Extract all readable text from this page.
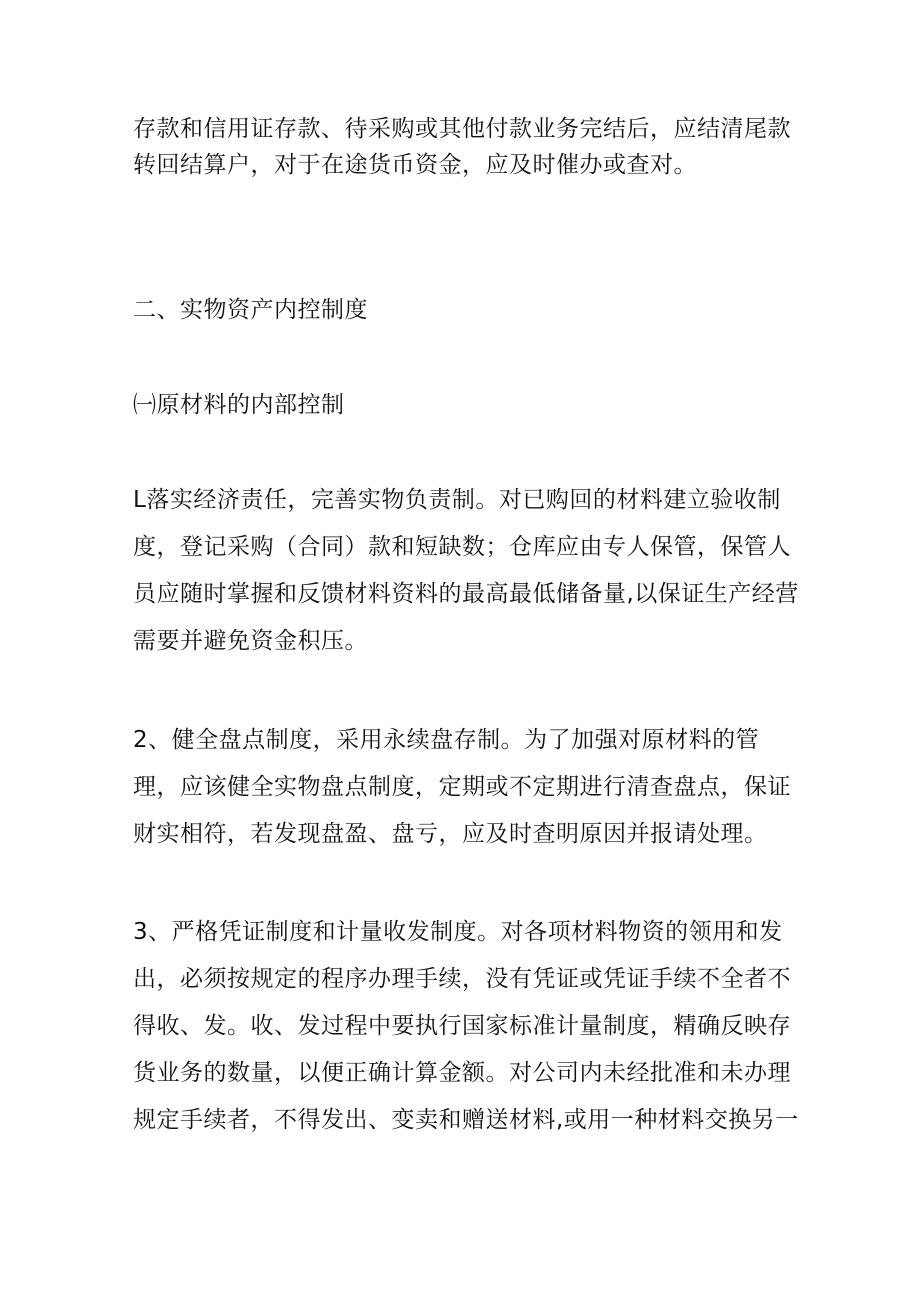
存款和信用证存款、待采购或其他付款业务完结后，应结清尾款
转回结算户，对于在途货币资金，应及时催办或查对。
二、实物资产内控制度
㈠原材料的内部控制
L落实经济责任，完善实物负责制。对已购回的材料建立验收制
度，登记采购（合同）款和短缺数；仓库应由专人保管，保管人
员应随时掌握和反馈材料资料的最高最低储备量,以保证生产经营
需要并避免资金积压。
2、健全盘点制度，采用永续盘存制。为了加强对原材料的管
理，应该健全实物盘点制度，定期或不定期进行清查盘点，保证
财实相符，若发现盘盈、盘亏，应及时查明原因并报请处理。
3、严格凭证制度和计量收发制度。对各项材料物资的领用和发
出，必须按规定的程序办理手续，没有凭证或凭证手续不全者不
得收、发。收、发过程中要执行国家标准计量制度，精确反映存
货业务的数量，以便正确计算金额。对公司内未经批准和未办理
规定手续者，不得发出、变卖和赠送材料,或用一种材料交换另一
